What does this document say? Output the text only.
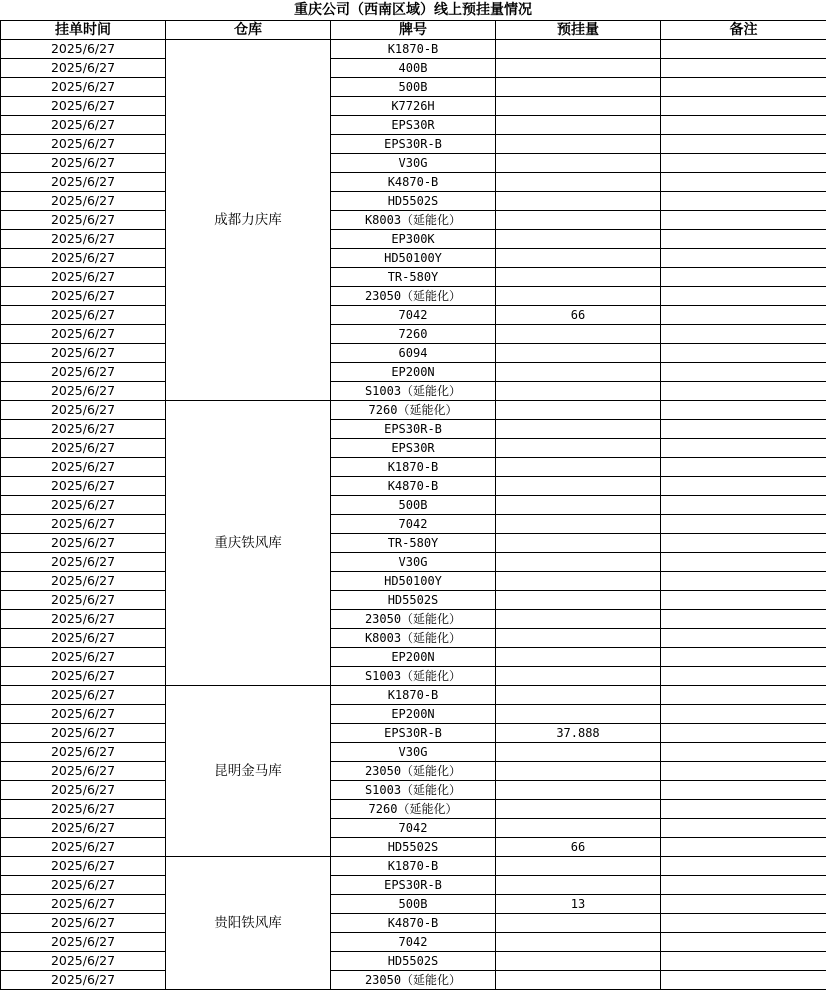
重庆公司（西南区域）线上预挂量情况
挂单时间	仓库	牌号	预挂量	备注
2025/6/27	成都力庆库	K1870-B		
2025/6/27		400B		
2025/6/27		500B		
2025/6/27		K7726H		
2025/6/27		EPS30R		
2025/6/27		EPS30R-B		
2025/6/27		V30G		
2025/6/27		K4870-B		
2025/6/27		HD5502S		
2025/6/27		K8003（延能化）		
2025/6/27		EP300K		
2025/6/27		HD50100Y		
2025/6/27		TR-580Y		
2025/6/27		23050（延能化）		
2025/6/27		7042	66	
2025/6/27		7260		
2025/6/27		6094		
2025/6/27		EP200N		
2025/6/27		S1003（延能化）		
2025/6/27	重庆铁风库	7260（延能化）		
2025/6/27		EPS30R-B		
2025/6/27		EPS30R		
2025/6/27		K1870-B		
2025/6/27		K4870-B		
2025/6/27		500B		
2025/6/27		7042		
2025/6/27		TR-580Y		
2025/6/27		V30G		
2025/6/27		HD50100Y		
2025/6/27		HD5502S		
2025/6/27		23050（延能化）		
2025/6/27		K8003（延能化）		
2025/6/27		EP200N		
2025/6/27		S1003（延能化）		
2025/6/27	昆明金马库	K1870-B		
2025/6/27		EP200N		
2025/6/27		EPS30R-B	37.888	
2025/6/27		V30G		
2025/6/27		23050（延能化）		
2025/6/27		S1003（延能化）		
2025/6/27		7260（延能化）		
2025/6/27		7042		
2025/6/27		HD5502S	66	
2025/6/27	贵阳铁风库	K1870-B		
2025/6/27		EPS30R-B		
2025/6/27		500B	13	
2025/6/27		K4870-B		
2025/6/27		7042		
2025/6/27		HD5502S		
2025/6/27		23050（延能化）		
